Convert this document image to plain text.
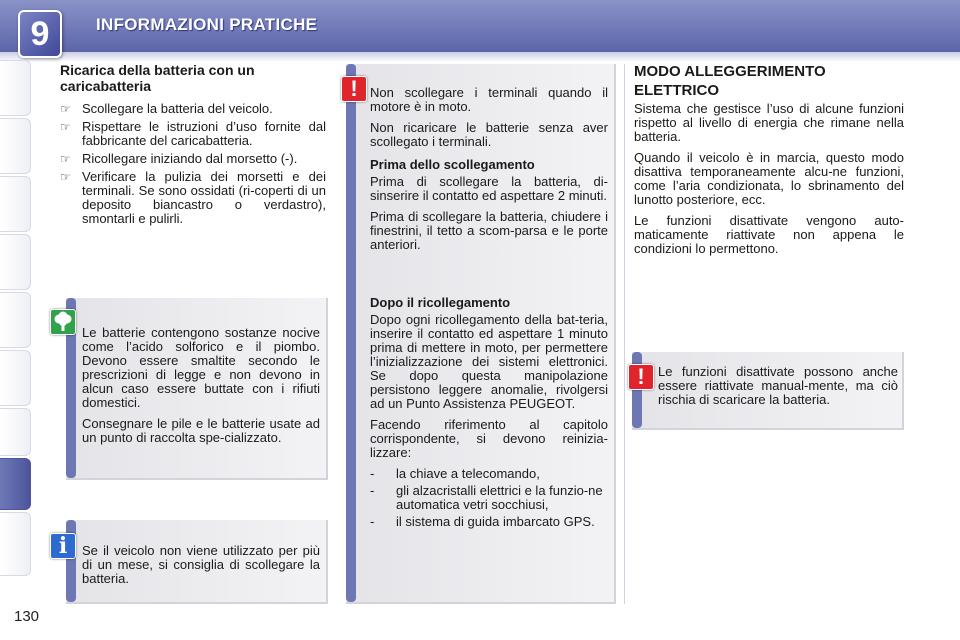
9	INFORMAZIONI PRATICHE
130
Ricarica della batteria con un caricabatteria
☞ Scollegare la batteria del veicolo.
☞ Rispettare le istruzioni d’uso fornite dal fabbricante del caricabatteria.
☞ Ricollegare iniziando dal morsetto (-).
☞ Verificare la pulizia dei morsetti e dei terminali. Se sono ossidati (ri-coperti di un deposito biancastro o verdastro), smontarli e pulirli.

Le batterie contengono sostanze nocive come l’acido solforico e il piombo. Devono essere smaltite secondo le prescrizioni di legge e non devono in alcun caso essere buttate con i rifiuti domestici.

Consegnare le pile e le batterie usate ad un punto di raccolta spe-cializzato.

Se il veicolo non viene utilizzato per più di un mese, si consiglia di scollegare la batteria.

i

Non scollegare i terminali quando il motore è in moto.

Non ricaricare le batterie senza aver scollegato i terminali.

Prima dello scollegamento

Prima di scollegare la batteria, di-sinserire il contatto ed aspettare 2 minuti.

Prima di scollegare la batteria, chiudere i finestrini, il tetto a scom-parsa e le porte anteriori.

Dopo il ricollegamento

Dopo ogni ricollegamento della bat-teria, inserire il contatto ed aspettare 1 minuto prima di mettere in moto, per permettere l’inizializzazione dei sistemi elettronici. Se dopo questa manipolazione persistono leggere anomalie, rivolgersi ad un Punto Assistenza PEUGEOT.

Facendo riferimento al capitolo corrispondente, si devono reinizia-lizzare:

- la chiave a telecomando,
- gli alzacristalli elettrici e la funzio-ne automatica vetri socchiusi,
- il sistema di guida imbarcato GPS.
!
MODO ALLEGGERIMENTO ELETTRICO

Sistema che gestisce l’uso di alcune funzioni rispetto al livello di energia che rimane nella batteria.

Quando il veicolo è in marcia, questo modo disattiva temporaneamente alcu-ne funzioni, come l’aria condizionata, lo sbrinamento del lunotto posteriore, ecc.

Le funzioni disattivate vengono auto-maticamente riattivate non appena le condizioni lo permettono.

Le funzioni disattivate possono anche essere riattivate manual-mente, ma ciò rischia di scaricare la batteria.

!
